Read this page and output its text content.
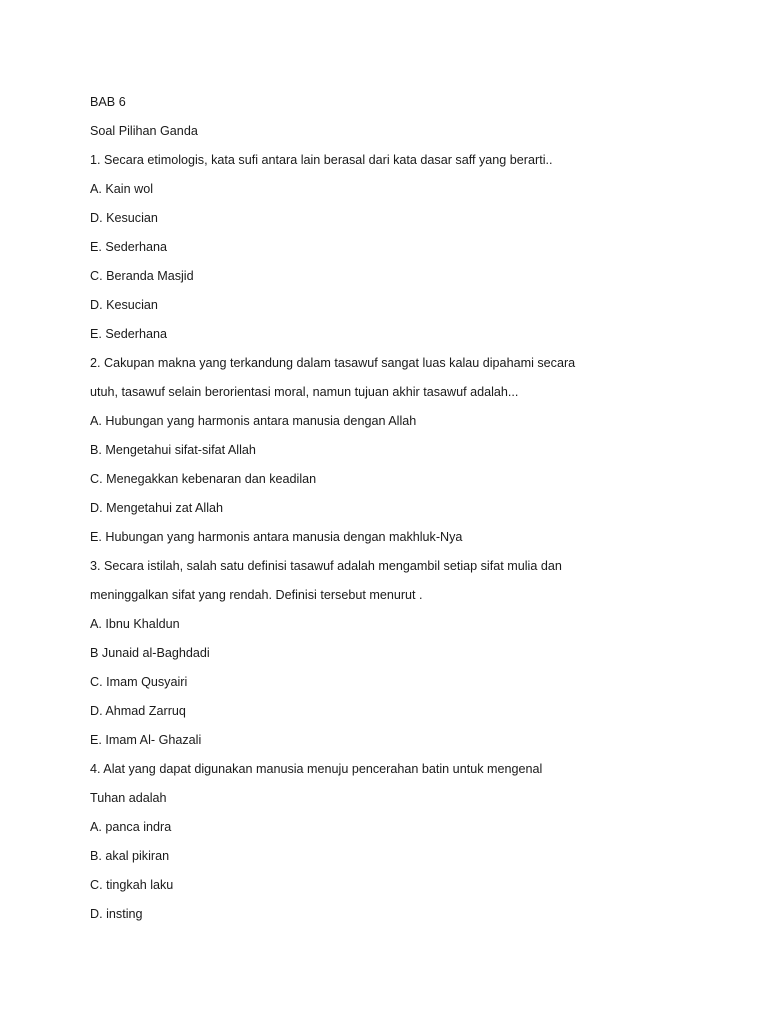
BAB 6
Soal Pilihan Ganda
1. Secara etimologis, kata sufi antara lain berasal dari kata dasar saff yang berarti..
A. Kain wol
D. Kesucian
E. Sederhana
C. Beranda Masjid
D. Kesucian
E. Sederhana
2. Cakupan makna yang terkandung dalam tasawuf sangat luas kalau dipahami secara
utuh, tasawuf selain berorientasi moral, namun tujuan akhir tasawuf adalah...
A. Hubungan yang harmonis antara manusia dengan Allah
B. Mengetahui sifat-sifat Allah
C. Menegakkan kebenaran dan keadilan
D. Mengetahui zat Allah
E. Hubungan yang harmonis antara manusia dengan makhluk-Nya
3. Secara istilah, salah satu definisi tasawuf adalah mengambil setiap sifat mulia dan
meninggalkan sifat yang rendah. Definisi tersebut menurut .
A. Ibnu Khaldun
B Junaid al-Baghdadi
C. Imam Qusyairi
D. Ahmad Zarruq
E. Imam Al- Ghazali
4. Alat yang dapat digunakan manusia menuju pencerahan batin untuk mengenal
Tuhan adalah
A. panca indra
B. akal pikiran
C. tingkah laku
D. insting
